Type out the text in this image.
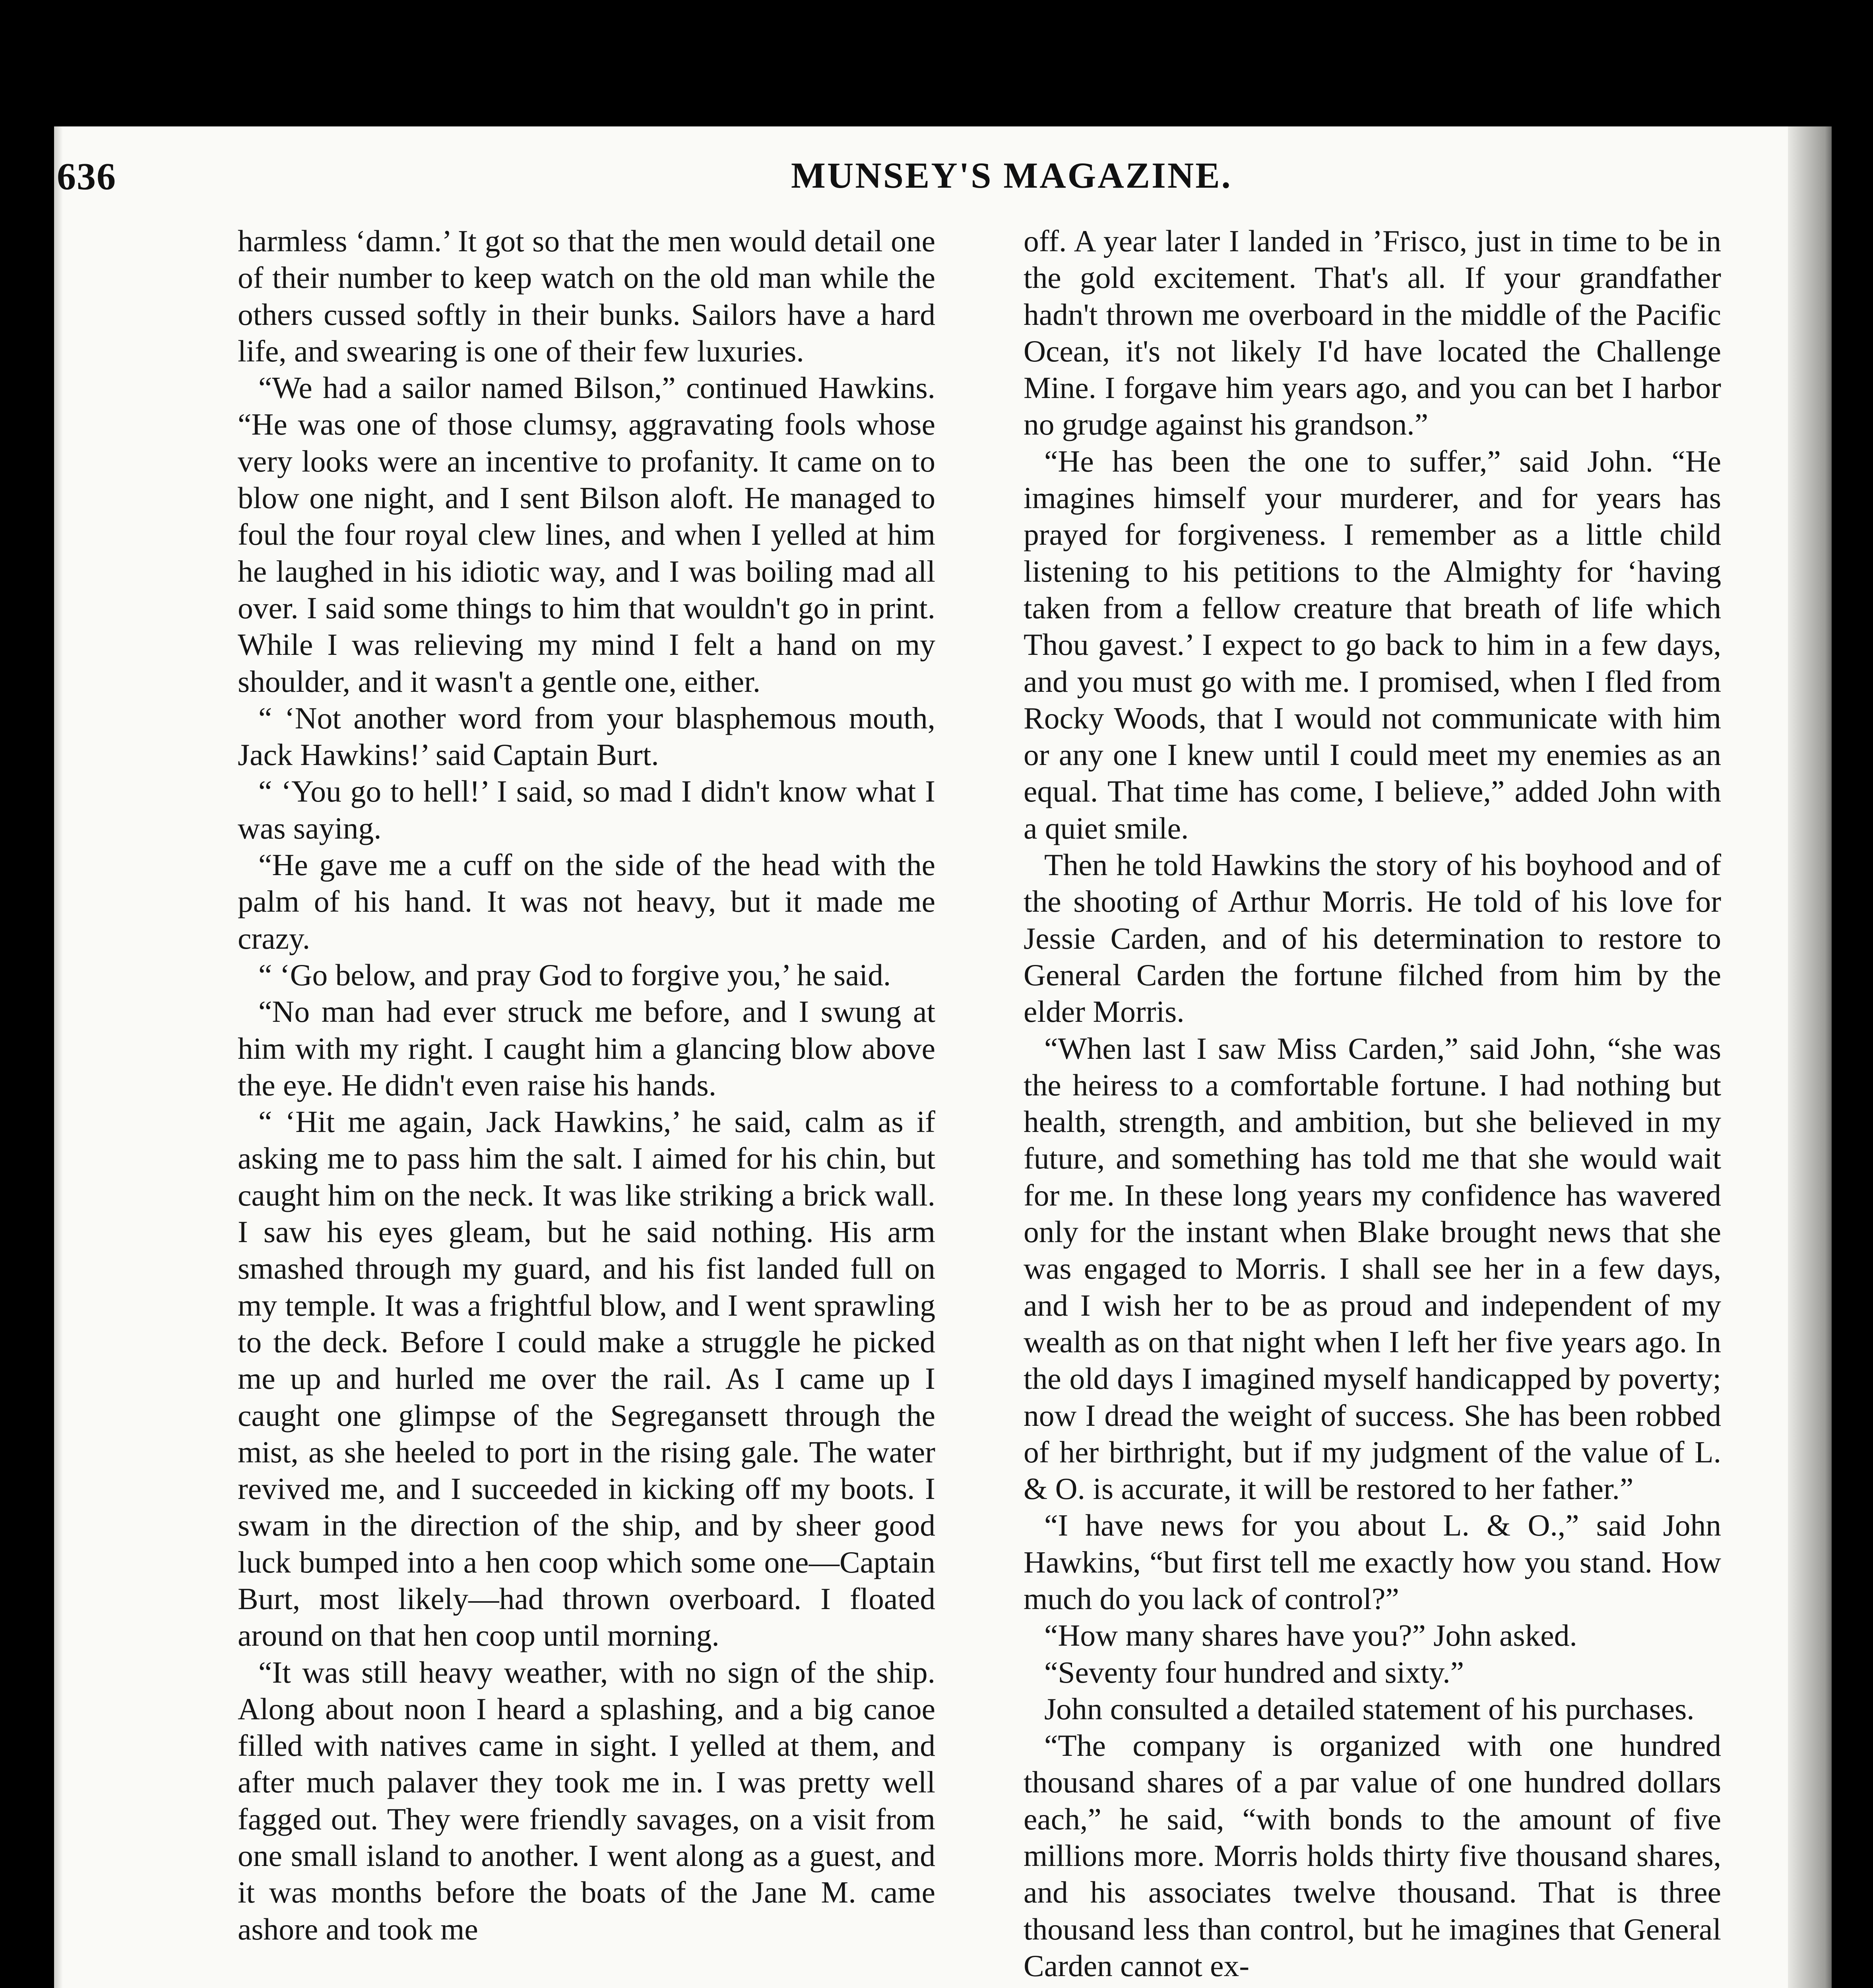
636	MUNSEY'S MAGAZINE.

harmless ‘damn.’ It got so that the men would detail one of their number to keep watch on the old man while the others cussed softly in their bunks. Sailors have a hard life, and swearing is one of their few luxuries.

“We had a sailor named Bilson,” continued Hawkins. “He was one of those clumsy, aggravating fools whose very looks were an incentive to profanity. It came on to blow one night, and I sent Bilson aloft. He managed to foul the four royal clew lines, and when I yelled at him he laughed in his idiotic way, and I was boiling mad all over. I said some things to him that wouldn't go in print. While I was relieving my mind I felt a hand on my shoulder, and it wasn't a gentle one, either.

“ ‘Not another word from your blasphemous mouth, Jack Hawkins!’ said Captain Burt.

“ ‘You go to hell!’ I said, so mad I didn't know what I was saying.

“He gave me a cuff on the side of the head with the palm of his hand. It was not heavy, but it made me crazy.

“ ‘Go below, and pray God to forgive you,’ he said.

“No man had ever struck me before, and I swung at him with my right. I caught him a glancing blow above the eye. He didn't even raise his hands.

“ ‘Hit me again, Jack Hawkins,’ he said, calm as if asking me to pass him the salt. I aimed for his chin, but caught him on the neck. It was like striking a brick wall. I saw his eyes gleam, but he said nothing. His arm smashed through my guard, and his fist landed full on my temple. It was a frightful blow, and I went sprawling to the deck. Before I could make a struggle he picked me up and hurled me over the rail. As I came up I caught one glimpse of the Segregansett through the mist, as she heeled to port in the rising gale. The water revived me, and I succeeded in kicking off my boots. I swam in the direction of the ship, and by sheer good luck bumped into a hen coop which some one—Captain Burt, most likely—had thrown overboard. I floated around on that hen coop until morning.

“It was still heavy weather, with no sign of the ship. Along about noon I heard a splashing, and a big canoe filled with natives came in sight. I yelled at them, and after much palaver they took me in. I was pretty well fagged out. They were friendly savages, on a visit from one small island to another. I went along as a guest, and it was months before the boats of the Jane M. came ashore and took me

off. A year later I landed in ’Frisco, just in time to be in the gold excitement. That's all. If your grandfather hadn't thrown me overboard in the middle of the Pacific Ocean, it's not likely I'd have located the Challenge Mine. I forgave him years ago, and you can bet I harbor no grudge against his grandson.”

“He has been the one to suffer,” said John. “He imagines himself your murderer, and for years has prayed for forgiveness. I remember as a little child listening to his petitions to the Almighty for ‘having taken from a fellow creature that breath of life which Thou gavest.’ I expect to go back to him in a few days, and you must go with me. I promised, when I fled from Rocky Woods, that I would not communicate with him or any one I knew until I could meet my enemies as an equal. That time has come, I believe,” added John with a quiet smile.

Then he told Hawkins the story of his boyhood and of the shooting of Arthur Morris. He told of his love for Jessie Carden, and of his determination to restore to General Carden the fortune filched from him by the elder Morris.

“When last I saw Miss Carden,” said John, “she was the heiress to a comfortable fortune. I had nothing but health, strength, and ambition, but she believed in my future, and something has told me that she would wait for me. In these long years my confidence has wavered only for the instant when Blake brought news that she was engaged to Morris. I shall see her in a few days, and I wish her to be as proud and independent of my wealth as on that night when I left her five years ago. In the old days I imagined myself handicapped by poverty; now I dread the weight of success. She has been robbed of her birthright, but if my judgment of the value of L. & O. is accurate, it will be restored to her father.”

“I have news for you about L. & O.,” said John Hawkins, “but first tell me exactly how you stand. How much do you lack of control?”

“How many shares have you?” John asked.

“Seventy four hundred and sixty.”

John consulted a detailed statement of his purchases.

“The company is organized with one hundred thousand shares of a par value of one hundred dollars each,” he said, “with bonds to the amount of five millions more. Morris holds thirty five thousand shares, and his associates twelve thousand. That is three thousand less than control, but he imagines that General Carden cannot ex-
